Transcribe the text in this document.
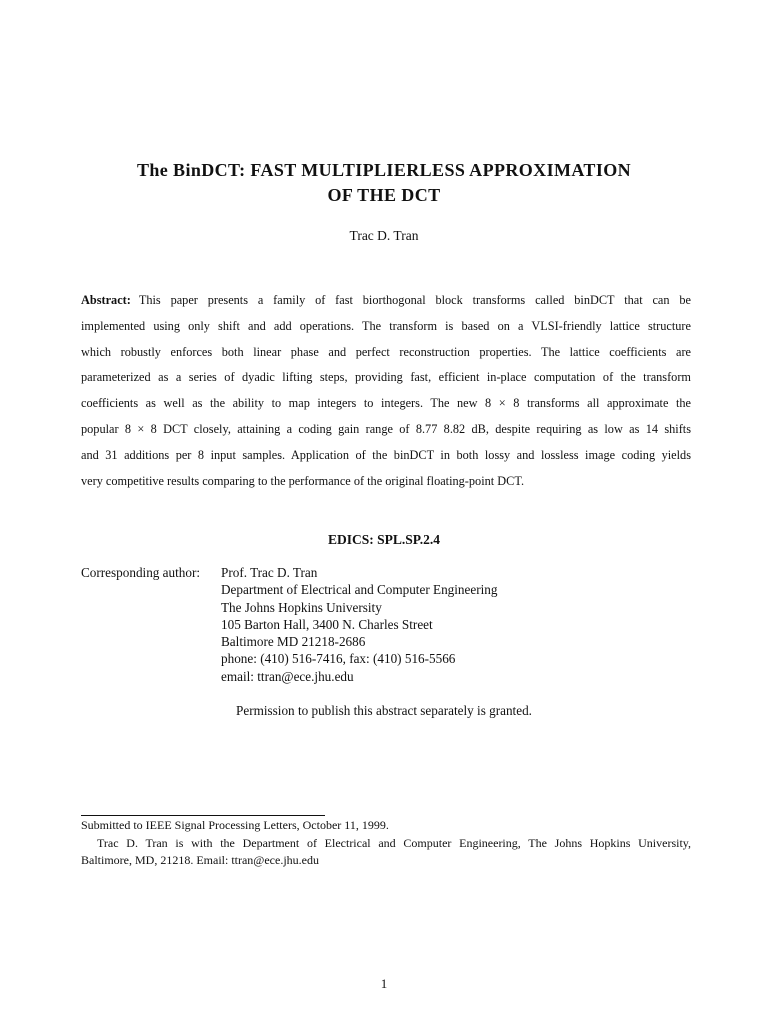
The BinDCT: FAST MULTIPLIERLESS APPROXIMATION
OF THE DCT
Trac D. Tran
Abstract: This paper presents a family of fast biorthogonal block transforms called binDCT that can be
implemented using only shift and add operations. The transform is based on a VLSI-friendly lattice structure
which robustly enforces both linear phase and perfect reconstruction properties. The lattice coefficients are
parameterized as a series of dyadic lifting steps, providing fast, efficient in-place computation of the transform
coefficients as well as the ability to map integers to integers. The new 8 × 8 transforms all approximate the
popular 8 × 8 DCT closely, attaining a coding gain range of 8.77 8.82 dB, despite requiring as low as 14 shifts
and 31 additions per 8 input samples. Application of the binDCT in both lossy and lossless image coding yields
very competitive results comparing to the performance of the original floating-point DCT.
EDICS: SPL.SP.2.4
Corresponding author: Prof. Trac D. Tran
Department of Electrical and Computer Engineering
The Johns Hopkins University
105 Barton Hall, 3400 N. Charles Street
Baltimore MD 21218-2686
phone: (410) 516-7416, fax: (410) 516-5566
email: ttran@ece.jhu.edu
Permission to publish this abstract separately is granted.
Submitted to IEEE Signal Processing Letters, October 11, 1999.
Trac D. Tran is with the Department of Electrical and Computer Engineering, The Johns Hopkins University,
Baltimore, MD, 21218. Email: ttran@ece.jhu.edu
1
